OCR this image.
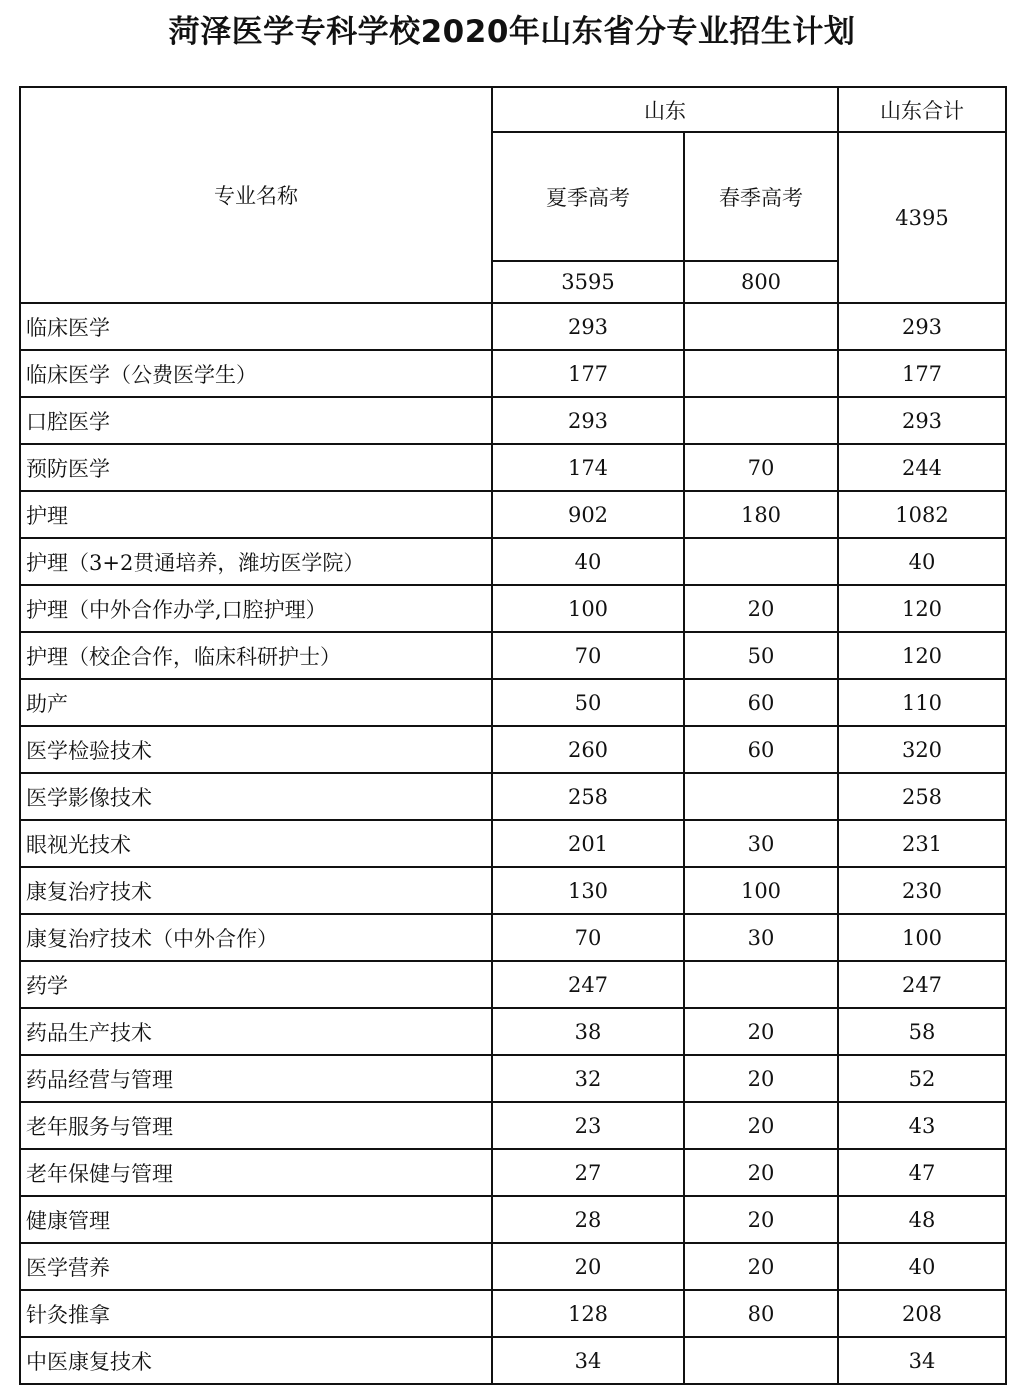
菏泽医学专科学校2020年山东省分专业招生计划
专业名称	山东		山东合计
	夏季高考	春季高考	4395
	3595	800	
临床医学	293		293
临床医学（公费医学生）	177		177
口腔医学	293		293
预防医学	174	70	244
护理	902	180	1082
护理（3+2贯通培养，潍坊医学院）	40		40
护理（中外合作办学,口腔护理）	100	20	120
护理（校企合作，临床科研护士）	70	50	120
助产	50	60	110
医学检验技术	260	60	320
医学影像技术	258		258
眼视光技术	201	30	231
康复治疗技术	130	100	230
康复治疗技术（中外合作）	70	30	100
药学	247		247
药品生产技术	38	20	58
药品经营与管理	32	20	52
老年服务与管理	23	20	43
老年保健与管理	27	20	47
健康管理	28	20	48
医学营养	20	20	40
针灸推拿	128	80	208
中医康复技术	34		34
